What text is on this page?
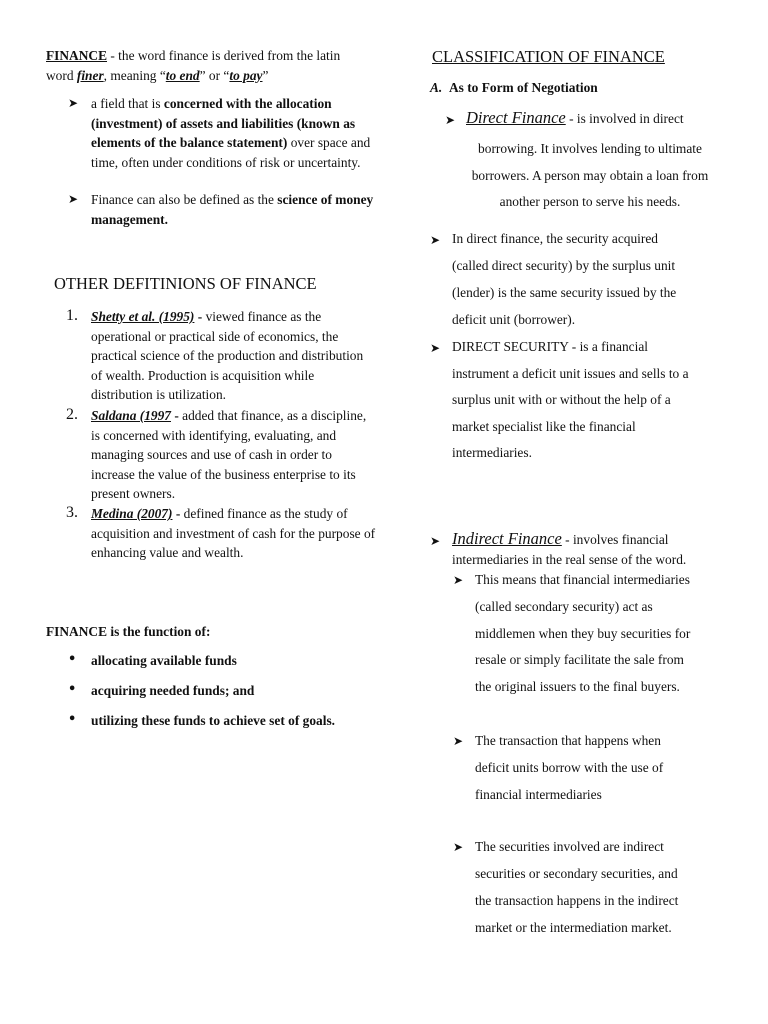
FINANCE - the word finance is derived from the latin word finer, meaning “to end” or “to pay”
➤ a field that is concerned with the allocation (investment) of assets and liabilities (known as elements of the balance statement) over space and time, often under conditions of risk or uncertainty.
➤ Finance can also be defined as the science of money management.
OTHER DEFITINIONS OF FINANCE
1. Shetty et al. (1995) - viewed finance as the operational or practical side of economics, the practical science of the production and distribution of wealth. Production is acquisition while distribution is utilization.
2. Saldana (1997 - added that finance, as a discipline, is concerned with identifying, evaluating, and managing sources and use of cash in order to increase the value of the business enterprise to its present owners.
3. Medina (2007) - defined finance as the study of acquisition and investment of cash for the purpose of enhancing value and wealth.
FINANCE is the function of:
• allocating available funds
• acquiring needed funds; and
• utilizing these funds to achieve set of goals.
CLASSIFICATION OF FINANCE
A. As to Form of Negotiation
➤ Direct Finance - is involved in direct
borrowing. It involves lending to ultimate
borrowers. A person may obtain a loan from
another person to serve his needs.
➤ In direct finance, the security acquired
(called direct security) by the surplus unit
(lender) is the same security issued by the
deficit unit (borrower).
➤ DIRECT SECURITY - is a financial
instrument a deficit unit issues and sells to a
surplus unit with or without the help of a
market specialist like the financial
intermediaries.
➤ Indirect Finance - involves financial
intermediaries in the real sense of the word.
➤ This means that financial intermediaries
(called secondary security) act as
middlemen when they buy securities for
resale or simply facilitate the sale from
the original issuers to the final buyers.
➤ The transaction that happens when
deficit units borrow with the use of
financial intermediaries
➤ The securities involved are indirect
securities or secondary securities, and
the transaction happens in the indirect
market or the intermediation market.
